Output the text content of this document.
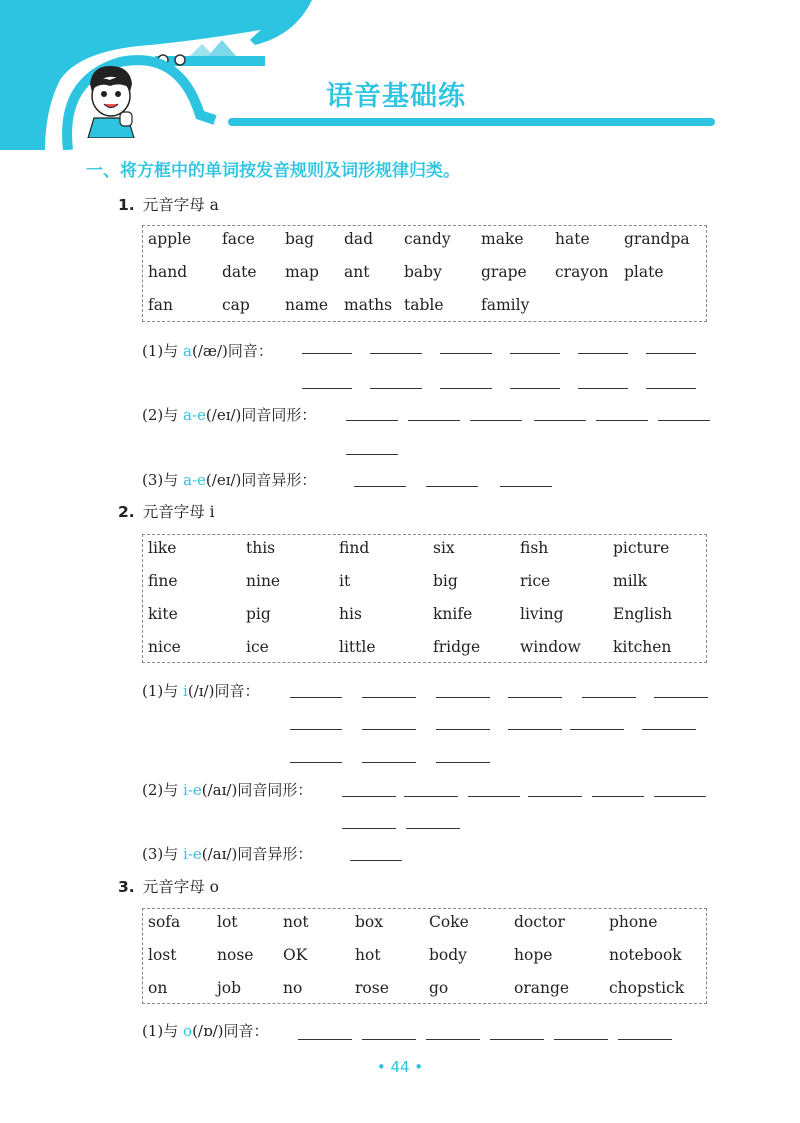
语音基础练
一、将方框中的单词按发音规则及词形规律归类。
1. 元音字母 a
apple face bag dad candy make hate grandpa
hand date map ant baby	grape crayon plate
fan	cap name maths table family
(1)与 a(/æ/)同音：
(2)与 a-e(/eɪ/)同音同形：
(3)与 a-e(/eɪ/)同音异形：
2. 元音字母 i
like	this	find	six	fish	picture
fine	nine	it	big	rice	milk
kite	pig	his	knife	living	English
nice	ice	little	fridge	window kitchen
(1)与 i(/ɪ/)同音：
(2)与 i-e(/aɪ/)同音同形：
(3)与 i-e(/aɪ/)同音异形：
3. 元音字母 o
sofa lot	not	box	Coke	doctor	phone
lost	nose OK	hot	body	hope	notebook
on	job	no	rose	go	orange	chopstick
(1)与 o(/ɒ/)同音：
• 44 •
